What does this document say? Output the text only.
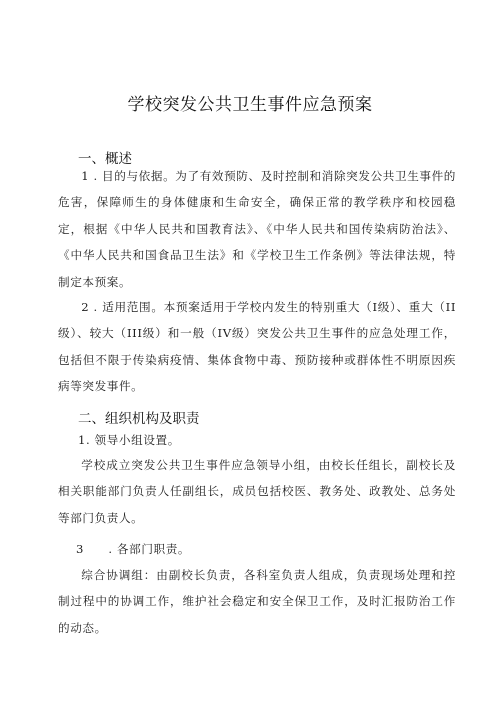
学校突发公共卫生事件应急预案
一、概述
1 . 目的与依据。为了有效预防、及时控制和消除突发公共卫生事件的危害，保障师生的身体健康和生命安全，确保正常的教学秩序和校园稳定，根据《中华人民共和国教育法》、《中华人民共和国传染病防治法》、《中华人民共和国食品卫生法》和《学校卫生工作条例》等法律法规，特制定本预案。
2 . 适用范围。本预案适用于学校内发生的特别重大（I级）、重大（II级）、较大（III级）和一般（IV级）突发公共卫生事件的应急处理工作，包括但不限于传染病疫情、集体食物中毒、预防接种或群体性不明原因疾病等突发事件。
二、组织机构及职责
1. 领导小组设置。
学校成立突发公共卫生事件应急领导小组，由校长任组长，副校长及相关职能部门负责人任副组长，成员包括校医、教务处、政教处、总务处等部门负责人。
3　　. 各部门职责。
综合协调组：由副校长负责，各科室负责人组成，负责现场处理和控制过程中的协调工作，维护社会稳定和安全保卫工作，及时汇报防治工作的动态。
